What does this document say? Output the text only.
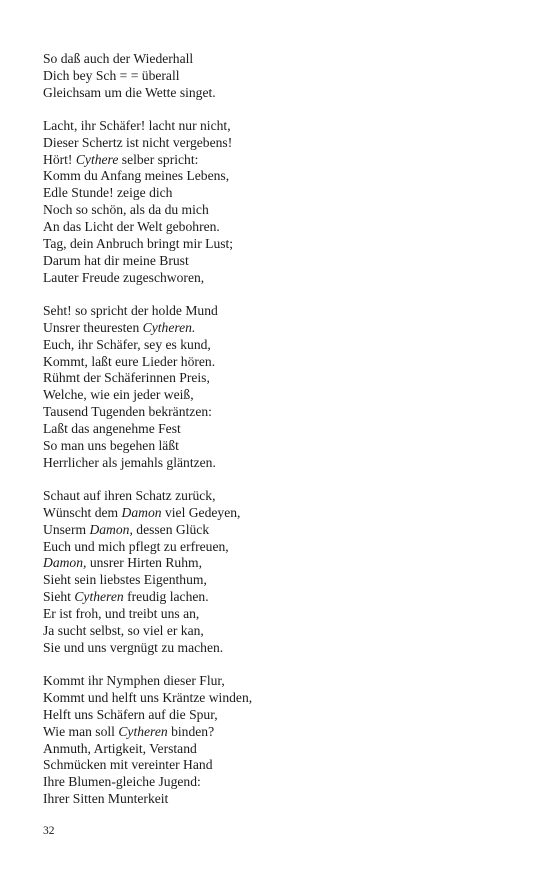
So daß auch der Wiederhall
Dich bey Sch = = überall
Gleichsam um die Wette singet.
Lacht, ihr Schäfer! lacht nur nicht,
Dieser Schertz ist nicht vergebens!
Hört! Cythere selber spricht:
Komm du Anfang meines Lebens,
Edle Stunde! zeige dich
Noch so schön, als da du mich
An das Licht der Welt gebohren.
Tag, dein Anbruch bringt mir Lust;
Darum hat dir meine Brust
Lauter Freude zugeschworen,
Seht! so spricht der holde Mund
Unsrer theuresten Cytheren.
Euch, ihr Schäfer, sey es kund,
Kommt, laßt eure Lieder hören.
Rühmt der Schäferinnen Preis,
Welche, wie ein jeder weiß,
Tausend Tugenden bekräntzen:
Laßt das angenehme Fest
So man uns begehen läßt
Herrlicher als jemahls gläntzen.
Schaut auf ihren Schatz zurück,
Wünscht dem Damon viel Gedeyen,
Unserm Damon, dessen Glück
Euch und mich pflegt zu erfreuen,
Damon, unsrer Hirten Ruhm,
Sieht sein liebstes Eigenthum,
Sieht Cytheren freudig lachen.
Er ist froh, und treibt uns an,
Ja sucht selbst, so viel er kan,
Sie und uns vergnügt zu machen.
Kommt ihr Nymphen dieser Flur,
Kommt und helft uns Kräntze winden,
Helft uns Schäfern auf die Spur,
Wie man soll Cytheren binden?
Anmuth, Artigkeit, Verstand
Schmücken mit vereinter Hand
Ihre Blumen-gleiche Jugend:
Ihrer Sitten Munterkeit
32
